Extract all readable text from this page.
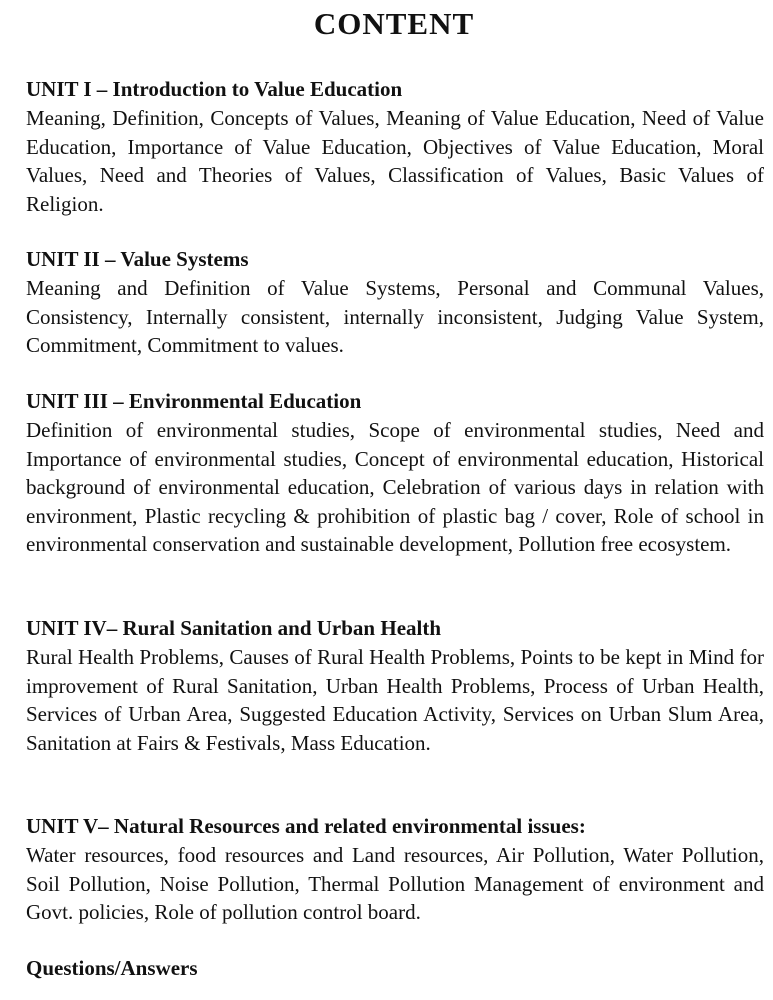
CONTENT

UNIT I – Introduction to Value Education

Meaning, Definition, Concepts of Values, Meaning of Value Education, Need of Value Education, Importance of Value Education, Objectives of Value Education, Moral Values, Need and Theories of Values, Classification of Values, Basic Values of Religion.

UNIT II – Value Systems

Meaning and Definition of Value Systems, Personal and Communal Values, Consistency, Internally consistent, internally inconsistent, Judging Value System, Commitment, Commitment to values.

UNIT III – Environmental Education

Definition of environmental studies, Scope of environmental studies, Need and Importance of environmental studies, Concept of environmental education, Historical background of environmental education, Celebration of various days in relation with environment, Plastic recycling & prohibition of plastic bag / cover, Role of school in environmental conservation and sustainable development, Pollution free ecosystem.

UNIT IV– Rural Sanitation and Urban Health

Rural Health Problems, Causes of Rural Health Problems, Points to be kept in Mind for improvement of Rural Sanitation, Urban Health Problems, Process of Urban Health, Services of Urban Area, Suggested Education Activity, Services on Urban Slum Area, Sanitation at Fairs & Festivals, Mass Education.

UNIT V– Natural Resources and related environmental issues:

Water resources, food resources and Land resources, Air Pollution, Water Pollution, Soil Pollution, Noise Pollution, Thermal Pollution Management of environment and Govt. policies, Role of pollution control board.

Questions/Answers
